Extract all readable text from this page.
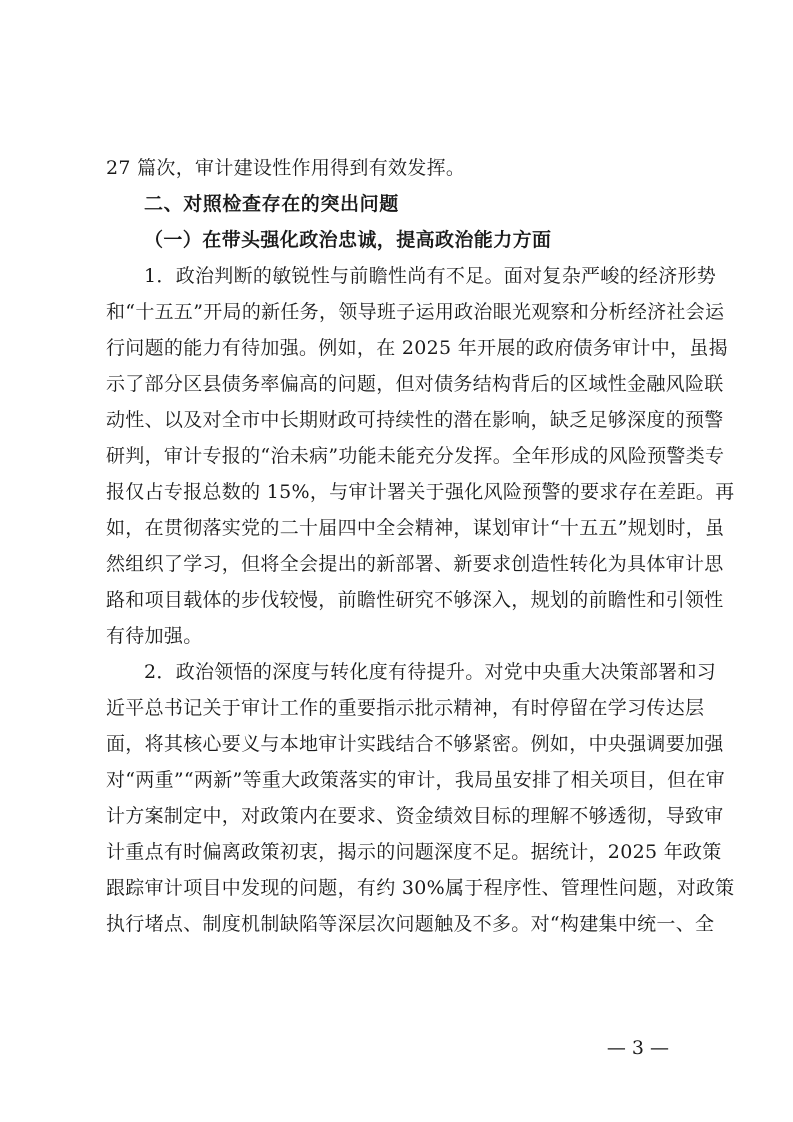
27 篇次，审计建设性作用得到有效发挥。
二、对照检查存在的突出问题
（一）在带头强化政治忠诚，提高政治能力方面
1．政治判断的敏锐性与前瞻性尚有不足。面对复杂严峻的经济形势
和“十五五”开局的新任务，领导班子运用政治眼光观察和分析经济社会运
行问题的能力有待加强。例如，在 2025 年开展的政府债务审计中，虽揭
示了部分区县债务率偏高的问题，但对债务结构背后的区域性金融风险联
动性、以及对全市中长期财政可持续性的潜在影响，缺乏足够深度的预警
研判，审计专报的“治未病”功能未能充分发挥。全年形成的风险预警类专
报仅占专报总数的 15%，与审计署关于强化风险预警的要求存在差距。再
如，在贯彻落实党的二十届四中全会精神，谋划审计“十五五”规划时，虽
然组织了学习，但将全会提出的新部署、新要求创造性转化为具体审计思
路和项目载体的步伐较慢，前瞻性研究不够深入，规划的前瞻性和引领性
有待加强。
2．政治领悟的深度与转化度有待提升。对党中央重大决策部署和习
近平总书记关于审计工作的重要指示批示精神，有时停留在学习传达层
面，将其核心要义与本地审计实践结合不够紧密。例如，中央强调要加强
对“两重”“两新”等重大政策落实的审计，我局虽安排了相关项目，但在审
计方案制定中，对政策内在要求、资金绩效目标的理解不够透彻，导致审
计重点有时偏离政策初衷，揭示的问题深度不足。据统计，2025 年政策
跟踪审计项目中发现的问题，有约 30%属于程序性、管理性问题，对政策
执行堵点、制度机制缺陷等深层次问题触及不多。对“构建集中统一、全
— 3 —
